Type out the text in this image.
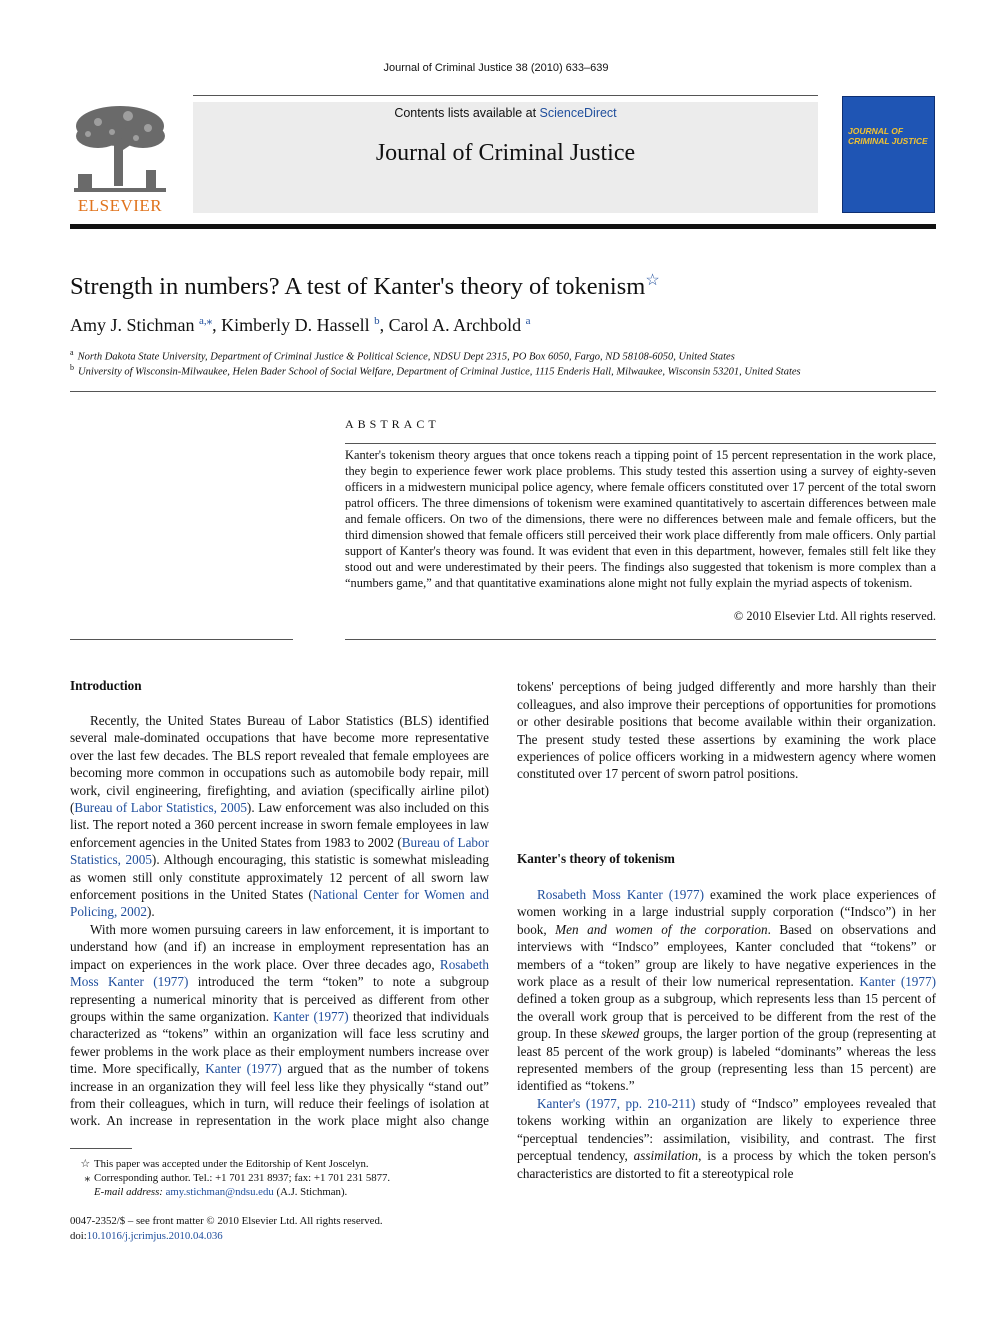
Journal of Criminal Justice 38 (2010) 633–639
Contents lists available at ScienceDirect
Journal of Criminal Justice
ELSEVIER
JOURNAL OF CRIMINAL JUSTICE
Strength in numbers? A test of Kanter's theory of tokenism☆
Amy J. Stichman $^{a,⁎}$, Kimberly D. Hassell $^b$, Carol A. Archbold $^a$
$^a$ North Dakota State University, Department of Criminal Justice & Political Science, NDSU Dept 2315, PO Box 6050, Fargo, ND 58108-6050, United States
$^b$ University of Wisconsin-Milwaukee, Helen Bader School of Social Welfare, Department of Criminal Justice, 1115 Enderis Hall, Milwaukee, Wisconsin 53201, United States
ABSTRACT
Kanter's tokenism theory argues that once tokens reach a tipping point of 15 percent representation in the work place, they begin to experience fewer work place problems. This study tested this assertion using a survey of eighty-seven officers in a midwestern municipal police agency, where female officers constituted over 17 percent of the total sworn patrol officers. The three dimensions of tokenism were examined quantitatively to ascertain differences between male and female officers. On two of the dimensions, there were no differences between male and female officers, but the third dimension showed that female officers still perceived their work place differently from male officers. Only partial support of Kanter's theory was found. It was evident that even in this department, however, females still felt like they stood out and were underestimated by their peers. The findings also suggested that tokenism is more complex than a “numbers game,” and that quantitative examinations alone might not fully explain the myriad aspects of tokenism.
© 2010 Elsevier Ltd. All rights reserved.
Introduction

Recently, the United States Bureau of Labor Statistics (BLS) identified several male-dominated occupations that have become more representative over the last few decades. The BLS report revealed that female employees are becoming more common in occupations such as automobile body repair, mill work, civil engineering, firefighting, and aviation (specifically airline pilot) (Bureau of Labor Statistics, 2005). Law enforcement was also included on this list. The report noted a 360 percent increase in sworn female employees in law enforcement agencies in the United States from 1983 to 2002 (Bureau of Labor Statistics, 2005). Although encouraging, this statistic is somewhat misleading as women still only constitute approximately 12 percent of all sworn law enforcement positions in the United States (National Center for Women and Policing, 2002).

With more women pursuing careers in law enforcement, it is important to understand how (and if) an increase in employment representation has an impact on experiences in the work place. Over three decades ago, Rosabeth Moss Kanter (1977) introduced the term “token” to note a subgroup representing a numerical minority that is perceived as different from other groups within the same organization. Kanter (1977) theorized that individuals characterized as “tokens” within an organization will face less scrutiny and fewer problems in the work place as their employment numbers increase over time. More specifically, Kanter (1977) argued that as the number of tokens increase in an organization they will feel less like they physically “stand out” from their colleagues, which in turn, will reduce their feelings of isolation at work. An increase in representation in the work place might also change

tokens' perceptions of being judged differently and more harshly than their colleagues, and also improve their perceptions of opportunities for promotions or other desirable positions that become available within their organization. The present study tested these assertions by examining the work place experiences of police officers working in a midwestern agency where women constituted over 17 percent of sworn patrol positions.

Kanter's theory of tokenism

Rosabeth Moss Kanter (1977) examined the work place experiences of women working in a large industrial supply corporation (“Indsco”) in her book, Men and women of the corporation. Based on observations and interviews with “Indsco” employees, Kanter concluded that “tokens” or members of a “token” group are likely to have negative experiences in the work place as a result of their low numerical representation. Kanter (1977) defined a token group as a subgroup, which represents less than 15 percent of the overall work group that is perceived to be different from the rest of the group. In these skewed groups, the larger portion of the group (representing at least 85 percent of the work group) is labeled “dominants” whereas the less represented members of the group (representing less than 15 percent) are identified as “tokens.”

Kanter's (1977, pp. 210-211) study of “Indsco” employees revealed that tokens working within an organization are likely to experience three “perceptual tendencies”: assimilation, visibility, and contrast. The first perceptual tendency, assimilation, is a process by which the token person's characteristics are distorted to fit a stereotypical role

☆ This paper was accepted under the Editorship of Kent Joscelyn.
⁎ Corresponding author. Tel.: +1 701 231 8937; fax: +1 701 231 5877.
E-mail address: amy.stichman@ndsu.edu (A.J. Stichman).
0047-2352/$ – see front matter © 2010 Elsevier Ltd. All rights reserved.
doi:10.1016/j.jcrimjus.2010.04.036
